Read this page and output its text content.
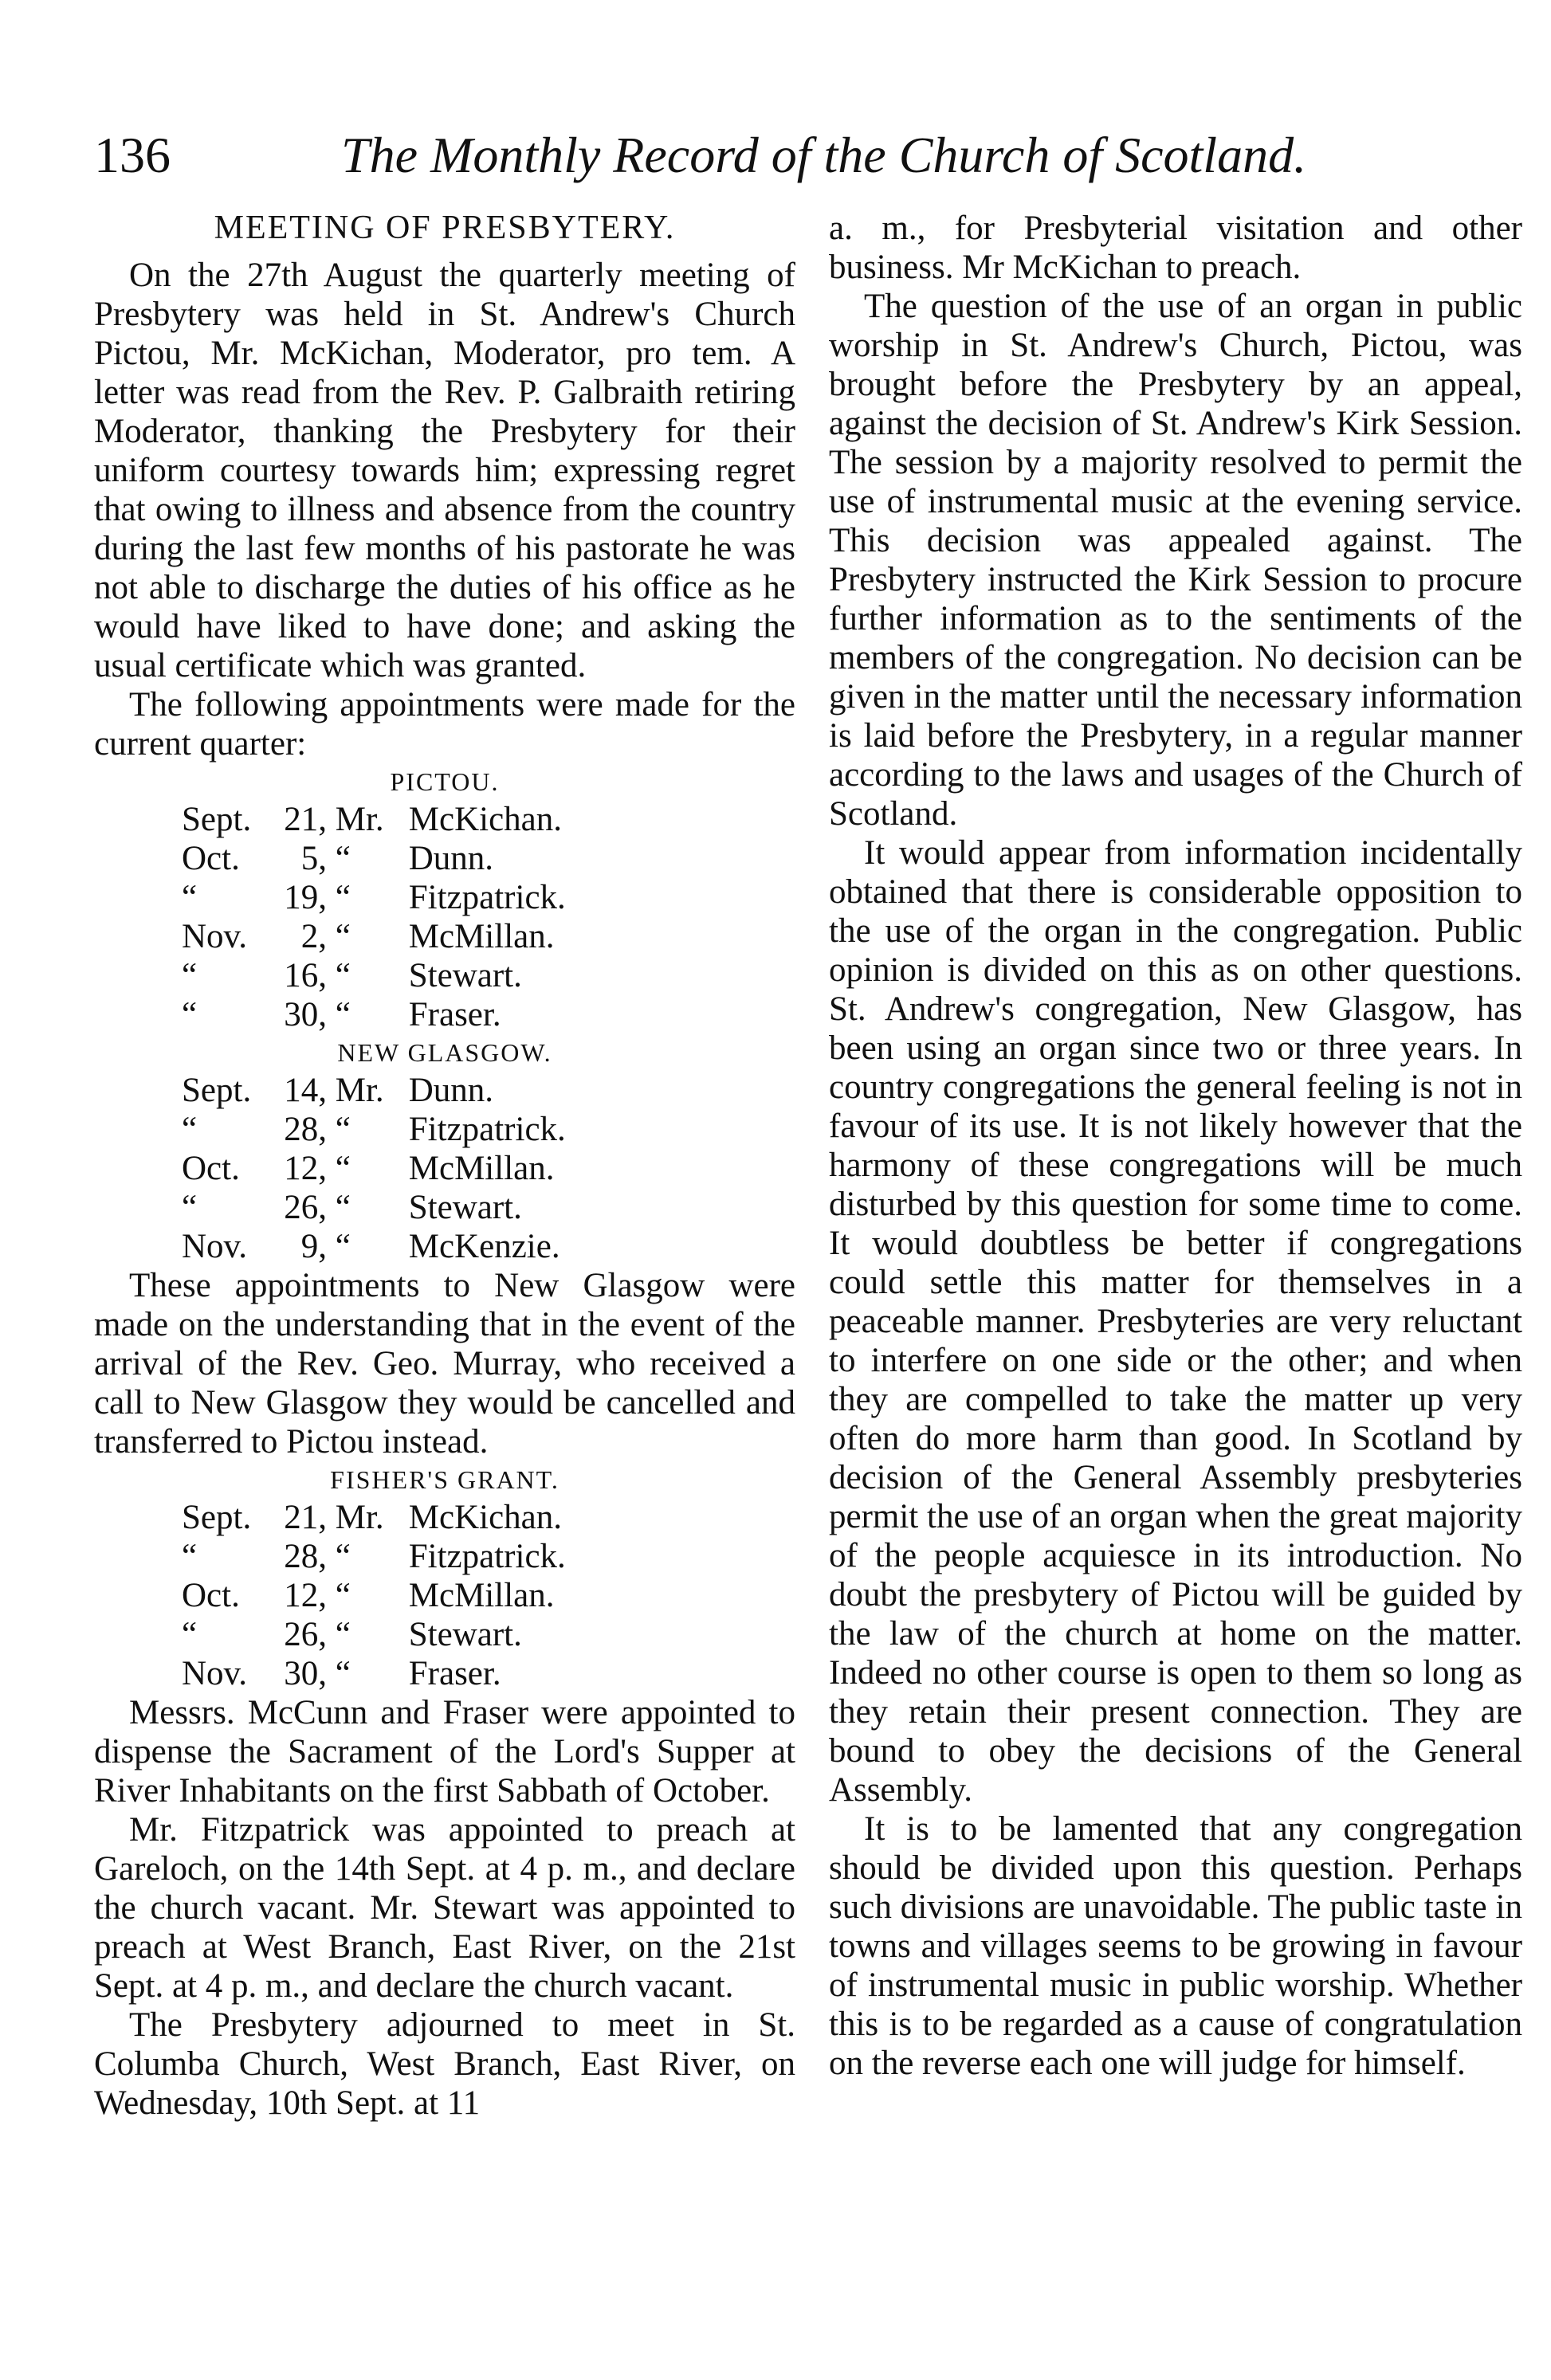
136	The Monthly Record of the Church of Scotland.
MEETING OF PRESBYTERY.

On the 27th August the quarterly meeting of Presbytery was held in St. Andrew's Church Pictou, Mr. McKichan, Moderator, pro tem. A letter was read from the Rev. P. Galbraith retiring Moderator, thanking the Presbytery for their uniform courtesy towards him; expressing regret that owing to illness and absence from the country during the last few months of his pastorate he was not able to discharge the duties of his office as he would have liked to have done; and asking the usual certificate which was granted.

The following appointments were made for the current quarter:

PICTOU.
Sept. 21, Mr. McKichan.
Oct. 5, “ Dunn.
“	19, “ Fitzpatrick.
Nov. 2, “ McMillan.
“	16, “ Stewart.
“	30, “ Fraser.
NEW GLASGOW.
Sept. 14, Mr. Dunn.
“	28, “ Fitzpatrick.
Oct. 12, “ McMillan.
“	26, “ Stewart.
Nov. 9, “ McKenzie.

These appointments to New Glasgow were made on the understanding that in the event of the arrival of the Rev. Geo. Murray, who received a call to New Glasgow they would be cancelled and transferred to Pictou instead.

FISHER'S GRANT.
Sept. 21, Mr. McKichan.
“	28, “ Fitzpatrick.
Oct. 12, “ McMillan.
“	26, “ Stewart.
Nov. 30, “ Fraser.

Messrs. McCunn and Fraser were appointed to dispense the Sacrament of the Lord's Supper at River Inhabitants on the first Sabbath of October.

Mr. Fitzpatrick was appointed to preach at Gareloch, on the 14th Sept. at 4 p. m., and declare the church vacant. Mr. Stewart was appointed to preach at West Branch, East River, on the 21st Sept. at 4 p. m., and declare the church vacant.

The Presbytery adjourned to meet in St. Columba Church, West Branch, East River, on Wednesday, 10th Sept. at 11

a. m., for Presbyterial visitation and other business. Mr McKichan to preach.

The question of the use of an organ in public worship in St. Andrew's Church, Pictou, was brought before the Presbytery by an appeal, against the decision of St. Andrew's Kirk Session. The session by a majority resolved to permit the use of instrumental music at the evening service. This decision was appealed against. The Presbytery instructed the Kirk Session to procure further information as to the sentiments of the members of the congregation. No decision can be given in the matter until the necessary information is laid before the Presbytery, in a regular manner according to the laws and usages of the Church of Scotland.

It would appear from information incidentally obtained that there is considerable opposition to the use of the organ in the congregation. Public opinion is divided on this as on other questions. St. Andrew's congregation, New Glasgow, has been using an organ since two or three years. In country congregations the general feeling is not in favour of its use. It is not likely however that the harmony of these congregations will be much disturbed by this question for some time to come. It would doubtless be better if congregations could settle this matter for themselves in a peaceable manner. Presbyteries are very reluctant to interfere on one side or the other; and when they are compelled to take the matter up very often do more harm than good. In Scotland by decision of the General Assembly presbyteries permit the use of an organ when the great majority of the people acquiesce in its introduction. No doubt the presbytery of Pictou will be guided by the law of the church at home on the matter. Indeed no other course is open to them so long as they retain their present connection. They are bound to obey the decisions of the General Assembly.

It is to be lamented that any congregation should be divided upon this question. Perhaps such divisions are unavoidable. The public taste in towns and villages seems to be growing in favour of instrumental music in public worship. Whether this is to be regarded as a cause of congratulation on the reverse each one will judge for himself.
